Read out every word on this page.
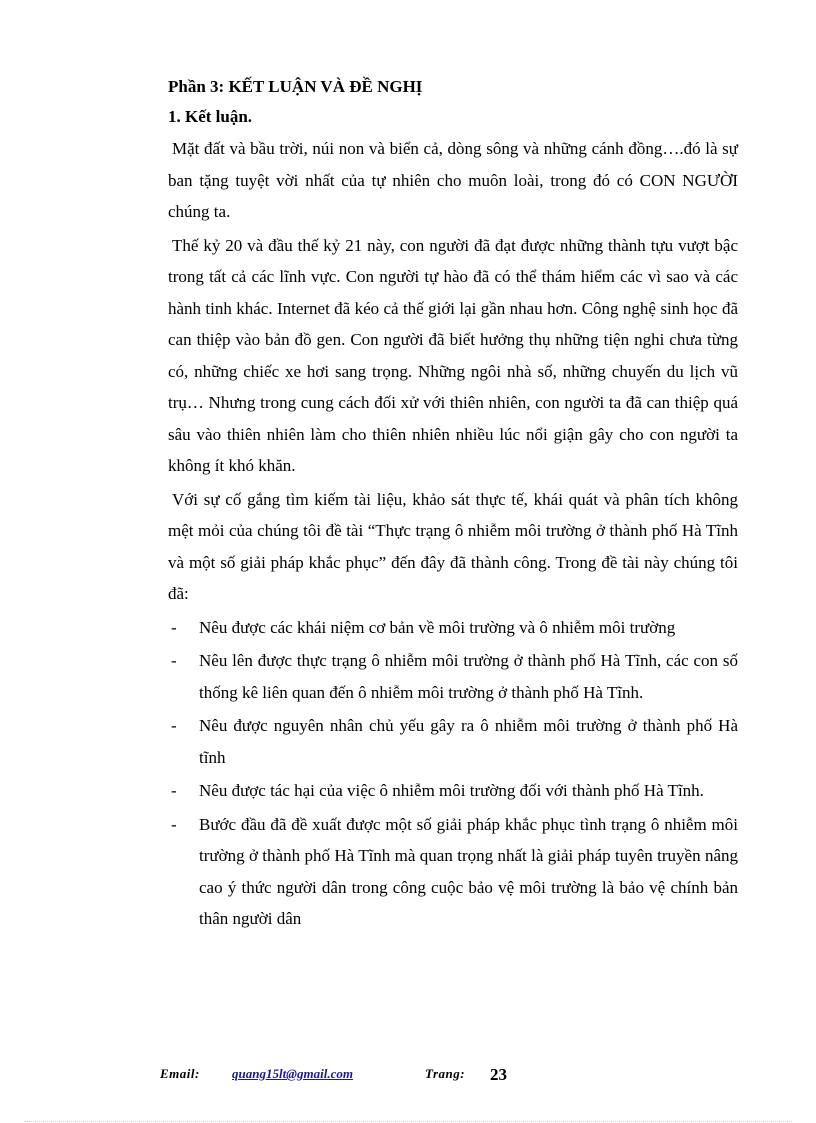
Phần 3: KẾT LUẬN VÀ ĐỀ NGHỊ

1. Kết luận.

Mặt đất và bầu trời, núi non và biển cả, dòng sông và những cánh đồng….đó là sự ban tặng tuyệt vời nhất của tự nhiên cho muôn loài, trong đó có CON NGƯỜI chúng ta.

Thế kỷ 20 và đầu thế kỷ 21 này, con người đã đạt được những thành tựu vượt bậc trong tất cả các lĩnh vực. Con người tự hào đã có thể thám hiểm các vì sao và các hành tinh khác. Internet đã kéo cả thế giới lại gần nhau hơn. Công nghệ sinh học đã can thiệp vào bản đồ gen. Con người đã biết hưởng thụ những tiện nghi chưa từng có, những chiếc xe hơi sang trọng. Những ngôi nhà số, những chuyến du lịch vũ trụ… Nhưng trong cung cách đối xử với thiên nhiên, con người ta đã can thiệp quá sâu vào thiên nhiên làm cho thiên nhiên nhiều lúc nổi giận gây cho con người ta không ít khó khăn.

Với sự cố gắng tìm kiếm tài liệu, khảo sát thực tế, khái quát và phân tích không mệt mỏi của chúng tôi đề tài “Thực trạng ô nhiễm môi trường ở thành phố Hà Tĩnh và một số giải pháp khắc phục” đến đây đã thành công. Trong đề tài này chúng tôi đã:

- Nêu được các khái niệm cơ bản về môi trường và ô nhiễm môi trường
- Nêu lên được thực trạng ô nhiễm môi trường ở thành phố Hà Tĩnh, các con số thống kê liên quan đến ô nhiễm môi trường ở thành phố Hà Tĩnh.
- Nêu được nguyên nhân chủ yếu gây ra ô nhiễm môi trường ở thành phố Hà tĩnh
- Nêu được tác hại của việc ô nhiễm môi trường đối với thành phố Hà Tĩnh.
- Bước đầu đã đề xuất được một số giải pháp khắc phục tình trạng ô nhiễm môi trường ở thành phố Hà Tĩnh mà quan trọng nhất là giải pháp tuyên truyền nâng cao ý thức người dân trong công cuộc bảo vệ môi trường là bảo vệ chính bản thân người dân
Email: quang15lt@gmail.com	Trang: 23
